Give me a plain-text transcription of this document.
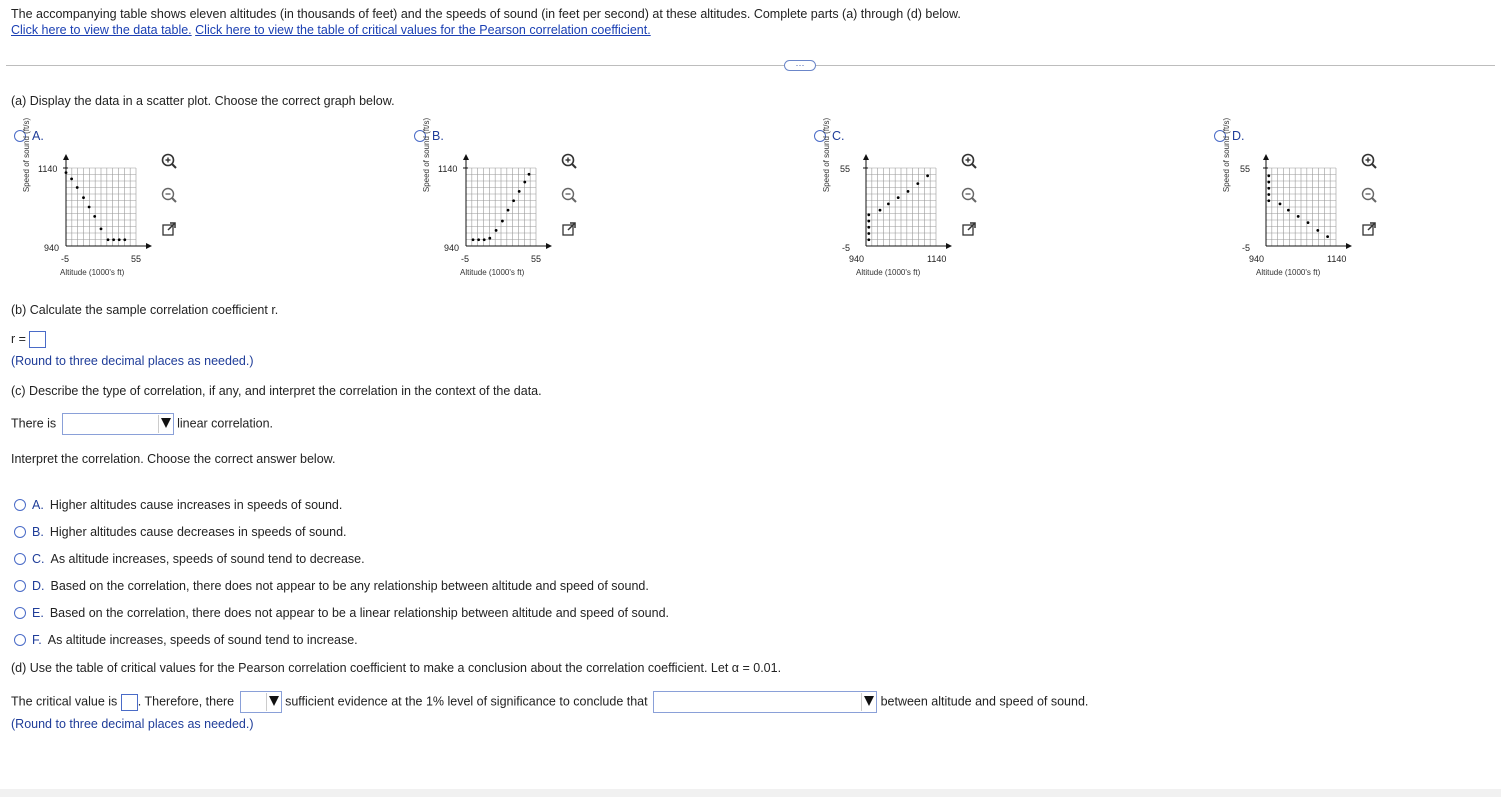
The accompanying table shows eleven altitudes (in thousands of feet) and the speeds of sound (in feet per second) at these altitudes. Complete parts (a) through (d) below.
Click here to view the data table. Click here to view the table of critical values for the Pearson correlation coefficient.
⋯
(a) Display the data in a scatter plot. Choose the correct graph below.
A.
Speed of sound (ft/s) 1140
940
-5	55
Altitude (1000's ft)
B.
Speed of sound (ft/s) 1140
940
-5	55
Altitude (1000's ft)
C.
Speed of sound (ft/s) 55
-5
940	1140
Altitude (1000's ft)
D.
Speed of sound (ft/s) 55
-5
940	1140
Altitude (1000's ft)
(b) Calculate the sample correlation coefficient r.
r =
(Round to three decimal places as needed.)
(c) Describe the type of correlation, if any, and interpret the correlation in the context of the data.
There is	linear correlation.
Interpret the correlation. Choose the correct answer below.
A. Higher altitudes cause increases in speeds of sound.
B. Higher altitudes cause decreases in speeds of sound.
C. As altitude increases, speeds of sound tend to decrease.
D. Based on the correlation, there does not appear to be any relationship between altitude and speed of sound.
E. Based on the correlation, there does not appear to be a linear relationship between altitude and speed of sound.
F. As altitude increases, speeds of sound tend to increase.
(d) Use the table of critical values for the Pearson correlation coefficient to make a conclusion about the correlation coefficient. Let α = 0.01.
The critical value is . Therefore, there	sufficient evidence at the 1% level of significance to conclude that	between altitude and speed of sound.
(Round to three decimal places as needed.)
